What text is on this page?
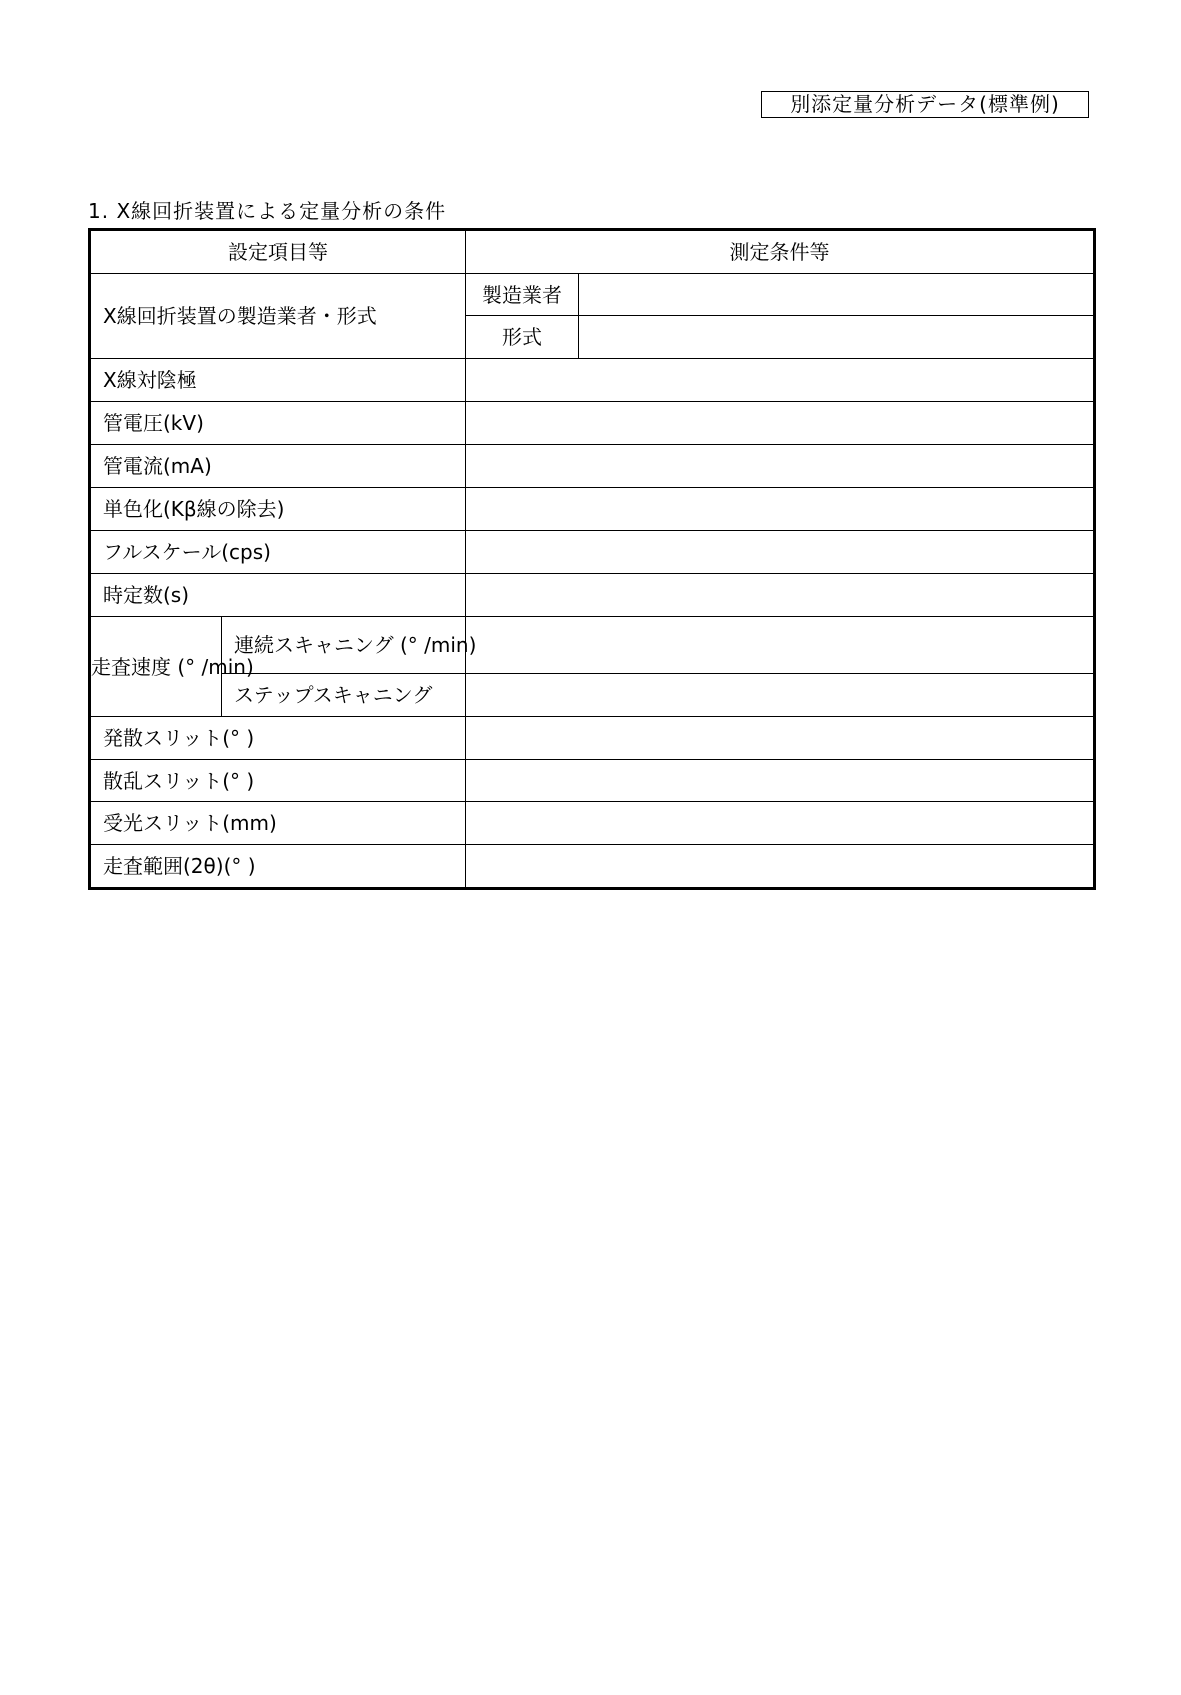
別添定量分析データ(標準例)
1. X線回折装置による定量分析の条件
設定項目等		測定条件等	
X線回折装置の製造業者・形式		製造業者	
		形式	
X線対陰極			
管電圧(kV)			
管電流(mA)			
単色化(Kβ線の除去)			
フルスケール(cps)			
時定数(s)			
走査速度 (° /min)	連続スキャニング (° /min)		
	ステップスキャニング		
発散スリット(° )			
散乱スリット(° )			
受光スリット(mm)			
走査範囲(2θ)(° )			
